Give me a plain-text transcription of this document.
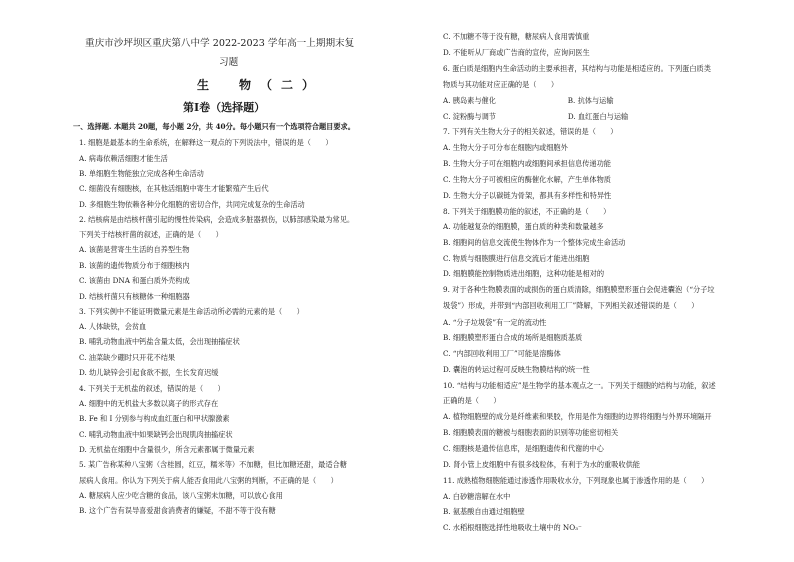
重庆市沙坪坝区重庆第八中学 2022-2023 学年高一上期期末复
习题
生　物（二）
第Ⅰ卷（选择题）
一、选择题. 本题共 20题，每小题 2分，共 40分。每小题只有一个选项符合题目要求。
1. 细胞是最基本的生命系统，在解释这一观点的下列说法中，错误的是（　　）
A. 病毒依赖活细胞才能生活
B. 单细胞生物能独立完成各种生命活动
C. 细菌没有细胞核，在其他活细胞中寄生才能繁殖产生后代
D. 多细胞生物依赖各种分化细胞的密切合作，共同完成复杂的生命活动
2. 结核病是由结核杆菌引起的慢性传染病，会造成多脏器损伤，以肺部感染最为常见。
下列关于结核杆菌的叙述，正确的是（　　）
A. 该菌是营寄生生活的自养型生物
B. 该菌的遗传物质分布于细胞核内
C. 该菌由 DNA 和蛋白质外壳构成
D. 结核杆菌只有核糖体一种细胞器
3. 下列实例中不能证明微量元素是生命活动所必需的元素的是（　　）
A. 人体缺铁，会贫血
B. 哺乳动物血液中钙盐含量太低，会出现抽搐症状
C. 油菜缺少硼时只开花不结果
D. 幼儿缺锌会引起食欲不振，生长发育迟缓
4. 下列关于无机盐的叙述，错误的是（　　）
A. 细胞中的无机盐大多数以离子的形式存在
B. Fe 和 I 分别参与构成血红蛋白和甲状腺激素
C. 哺乳动物血液中如果缺钙会出现肌肉抽搐症状
D. 无机盐在细胞中含量很少，所含元素都属于微量元素
5. 某广告称某种八宝粥（含桂圆，红豆，糯米等）不加糖，但比加糖还甜，最适合糖
尿病人食用。你认为下列关于病人能否食用此八宝粥的判断，不正确的是（　　）
A. 糖尿病人应少吃含糖的食品，该八宝粥未加糖，可以放心食用
B. 这个广告有误导喜爱甜食消费者的嫌疑，不甜不等于没有糖
C. 不加糖不等于没有糖，糖尿病人食用需慎重
D. 不能听从厂商或广告商的宣传，应询问医生
6. 蛋白质是细胞内生命活动的主要承担者，其结构与功能是相适应的。下列蛋白质类
物质与其功能对应正确的是（　　）
A. 胰岛素与催化　　　　　　　　　　B. 抗体与运输
C. 淀粉酶与调节　　　　　　　　　　D. 血红蛋白与运输
7. 下列有关生物大分子的相关叙述，错误的是（　　）
A. 生物大分子可分布在细胞内或细胞外
B. 生物大分子可在细胞内或细胞间承担信息传递功能
C. 生物大分子可被相应的酶催化水解，产生单体物质
D. 生物大分子以碳链为骨架，都具有多样性和特异性
8. 下列关于细胞膜功能的叙述，不正确的是（　　）
A. 功能越复杂的细胞膜，蛋白质的种类和数量越多
B. 细胞间的信息交流使生物体作为一个整体完成生命活动
C. 物质与细胞膜进行信息交流后才能进出细胞
D. 细胞膜能控制物质进出细胞，这种功能是相对的
9. 对于各种生物膜表面的或损伤的蛋白质清除，细胞膜塑形蛋白会促进囊泡（“分子垃
圾袋”）形成，并带到“内部回收利用工厂”降解，下列相关叙述错误的是（　　）
A. “分子垃圾袋”有一定的流动性
B. 细胞膜塑形蛋白合成的场所是细胞质基质
C. “内部回收利用工厂”可能是溶酶体
D. 囊泡的转运过程可反映生物膜结构的统一性
10. “结构与功能相适应”是生物学的基本观点之一。下列关于细胞的结构与功能，叙述
正确的是（　　）
A. 植物细胞壁的成分是纤维素和果胶，作用是作为细胞的边界将细胞与外界环境隔开
B. 细胞膜表面的糖被与细胞表面的识别等功能密切相关
C. 细胞核是遗传信息库，是细胞遗传和代谢的中心
D. 肾小管上皮细胞中有很多线粒体，有利于为水的重吸收供能
11. 成熟植物细胞能通过渗透作用吸收水分，下列现象也属于渗透作用的是（　　）
A. 白砂糖溶解在水中
B. 氨基酸自由通过细胞壁
C. 水稻根细胞选择性地吸收土壤中的 NO₃⁻
